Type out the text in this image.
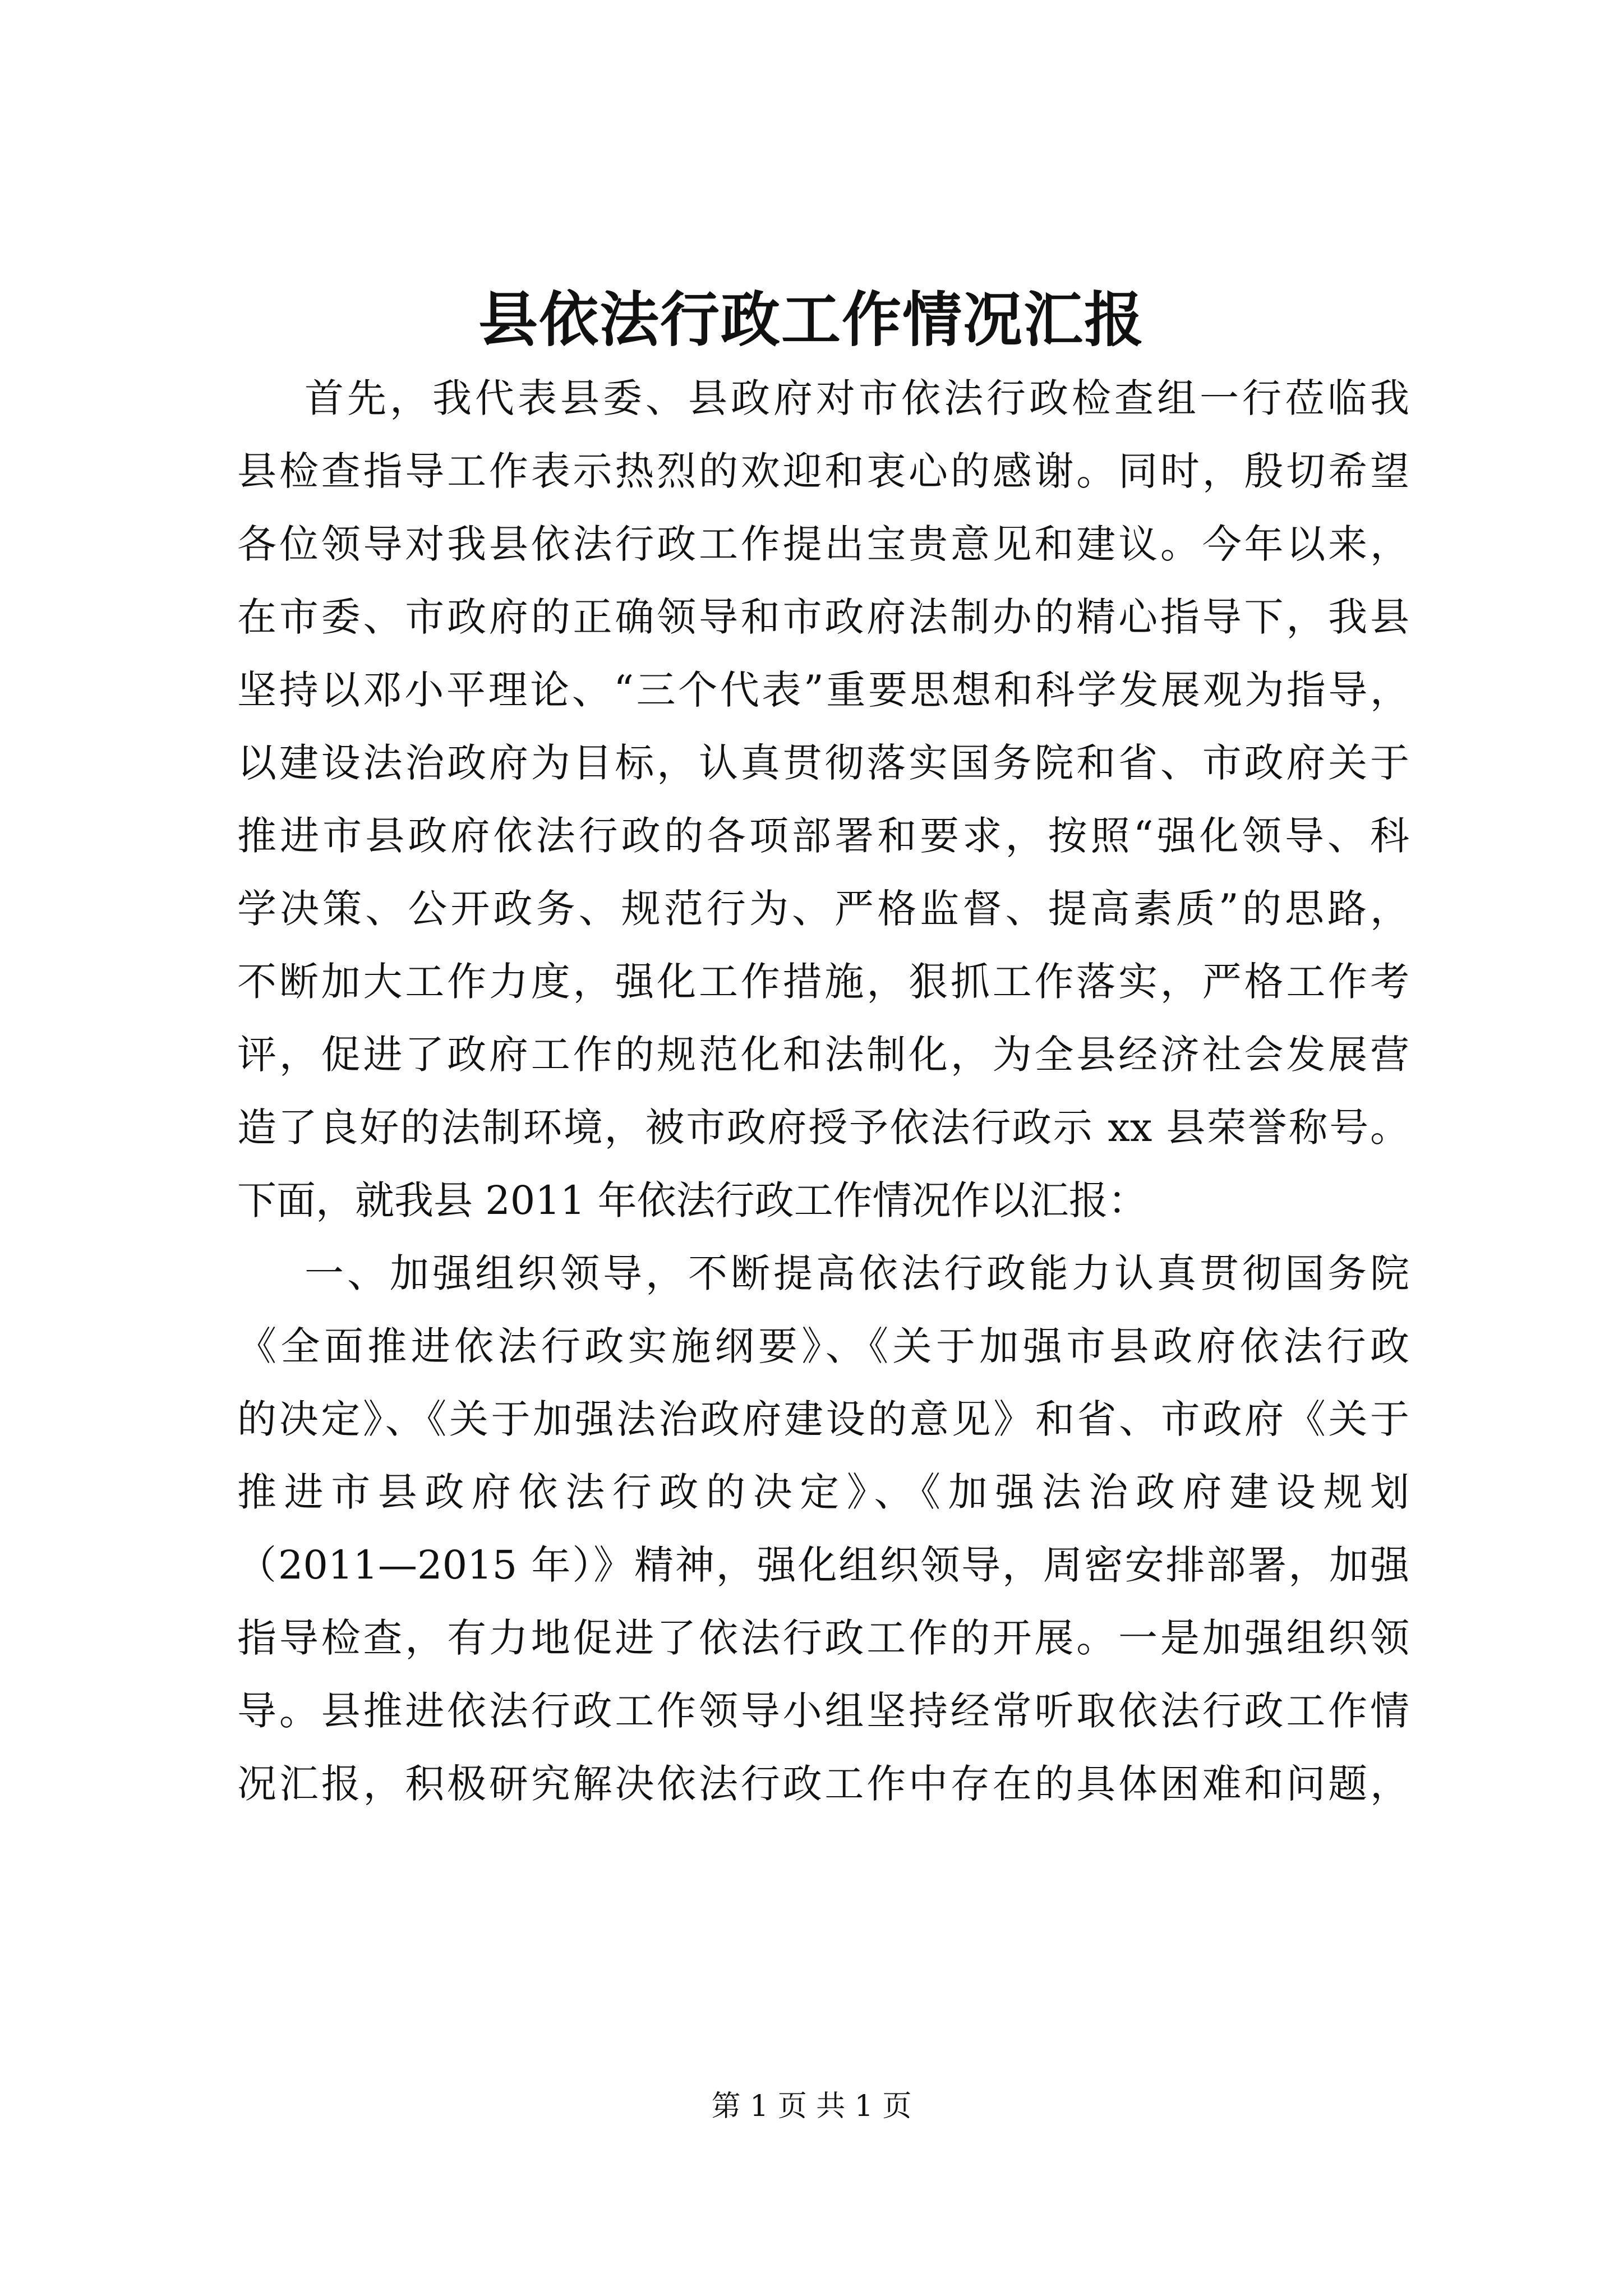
县依法行政工作情况汇报
首先，我代表县委、县政府对市依法行政检查组一行莅临我
县检查指导工作表示热烈的欢迎和衷心的感谢。同时，殷切希望
各位领导对我县依法行政工作提出宝贵意见和建议。今年以来，
在市委、市政府的正确领导和市政府法制办的精心指导下，我县
坚持以邓小平理论、“三个代表”重要思想和科学发展观为指导，
以建设法治政府为目标，认真贯彻落实国务院和省、市政府关于
推进市县政府依法行政的各项部署和要求，按照“强化领导、科
学决策、公开政务、规范行为、严格监督、提高素质”的思路，
不断加大工作力度，强化工作措施，狠抓工作落实，严格工作考
评，促进了政府工作的规范化和法制化，为全县经济社会发展营
造了良好的法制环境，被市政府授予依法行政示 xx 县荣誉称号。
下面，就我县 2011 年依法行政工作情况作以汇报：
一、加强组织领导，不断提高依法行政能力认真贯彻国务院
《全面推进依法行政实施纲要》、《关于加强市县政府依法行政
的决定》、《关于加强法治政府建设的意见》和省、市政府《关于
推进市县政府依法行政的决定》、《加强法治政府建设规划
（2011—2015 年）》精神，强化组织领导，周密安排部署，加强
指导检查，有力地促进了依法行政工作的开展。一是加强组织领
导。县推进依法行政工作领导小组坚持经常听取依法行政工作情
况汇报，积极研究解决依法行政工作中存在的具体困难和问题，
第 1 页 共 1 页
